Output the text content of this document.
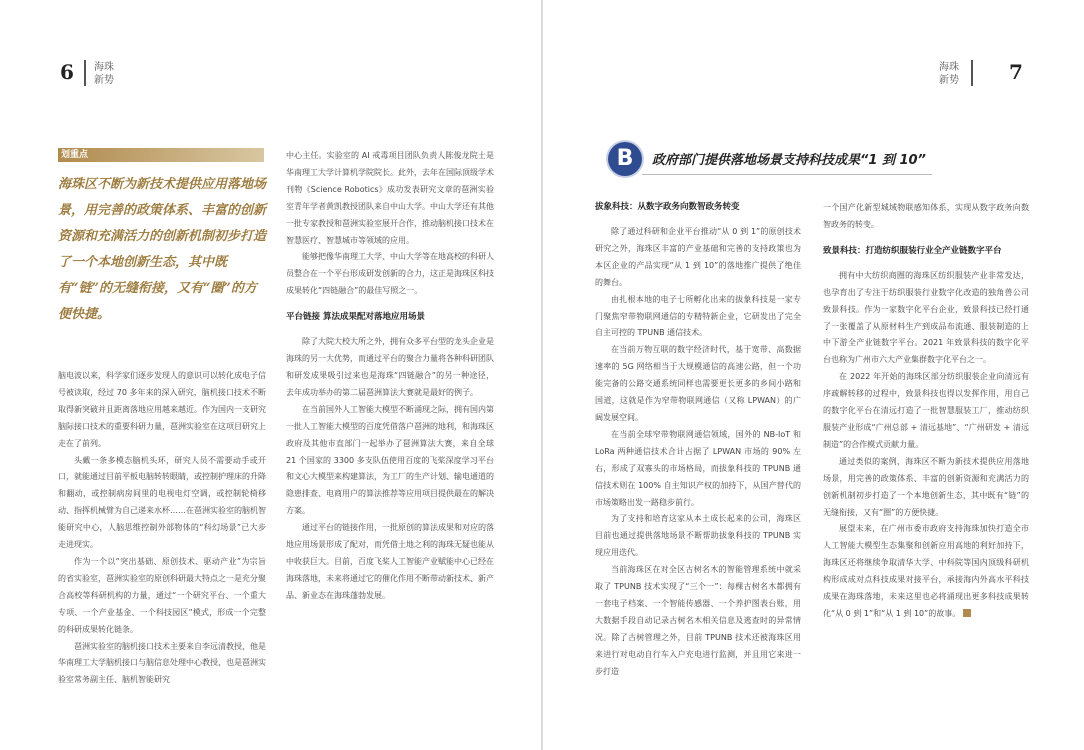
6 海珠
新势
划重点

海珠区不断为新技术提供应用落地场景，用完善的政策体系、丰富的创新资源和充满活力的创新机制初步打造了一个本地创新生态，其中既有“链”的无缝衔接，又有“圈”的方便快捷。

脑电波以来，科学家们逐步发现人的意识可以转化成电子信号被读取，经过 70 多年来的深入研究，脑机接口技术不断取得新突破并且距离落地应用越来越近。作为国内一支研究脑际接口技术的重要科研力量，琶洲实验室在这项目研究上走在了前列。

头戴一条多模态脑机头环，研究人员不需要动手或开口，就能通过目前平板电脑转转眼睛，或控制护理床的升降和翻动，或控制病房间里的电视电灯空调，或控制轮椅移动、指挥机械臂为自己递来水杯……在琶洲实验室的脑机智能研究中心，人脑思维控制外部物体的“科幻场景”已大步走进现实。

作为一个以“突出基础、原创技术、驱动产业”为宗旨的省实验室，琶洲实验室的原创科研最大特点之一是充分聚合高校等科研机构的力量，通过“一个研究平台、一个重大专项、一个产业基金、一个科技园区”模式，形成一个完整的科研成果转化链条。

琶洲实验室的脑机接口技术主要来自李远清教授，他是华南理工大学脑机接口与脑信息处理中心教授，也是琶洲实验室常务副主任、脑机智能研究

中心主任。实验室的 AI 戒毒项目团队负责人陈俊龙院士是华南理工大学计算机学院院长。此外，去年在国际顶级学术刊物《Science Robotics》成功发表研究文章的琶洲实验室青年学者黄凯教授团队来自中山大学。中山大学还有其他一批专家教授和琶洲实验室展开合作，推动脑机接口技术在智慧医疗、智慧城市等领域的应用。

能够把像华南理工大学、中山大学等在地高校的科研人员整合在一个平台形成研发创新的合力，这正是海珠区科技成果转化“四链融合”的最佳写照之一。

平台链接 算法成果配对落地应用场景

除了大院大校大所之外，拥有众多平台型的龙头企业是海珠的另一大优势，而通过平台的聚合力量将各种科研团队和研发成果吸引过来也是海珠“四链融合”的另一种途径，去年成功举办的第二届琶洲算法大赛就是最好的例子。

在当前国外人工智能大模型不断涌现之际，拥有国内第一批人工智能大模型的百度凭借落户琶洲的地利，和海珠区政府及其他市直部门一起举办了琶洲算法大赛，来自全球 21 个国家的 3300 多支队伍使用百度的飞桨深度学习平台和文心大模型来构建算法，为工厂的生产计划、输电通道的隐患排查、电商用户的算法推荐等应用项目提供最在的解决方案。

通过平台的链接作用，一批原创的算法成果和对应的落地应用场景形成了配对，而凭借土地之利的海珠无疑也能从中收获巨大。目前，百度飞桨人工智能产业赋能中心已经在海珠落地，未来将通过它的催化作用不断带动新技术、新产品、新业态在海珠蓬勃发展。

海珠
新势	7
B	政府部门提供落地场景支持科技成果“1 到 10”
拔象科技：从数字政务向数智政务转变

除了通过科研和企业平台推动“从 0 到 1”的原创技术研究之外，海珠区丰富的产业基础和完善的支持政策也为本区企业的产品实现“从 1 到 10”的落地推广提供了绝佳的舞台。

由扎根本地的电子七所孵化出来的拔象科技是一家专门聚焦窄带物联网通信的专精特新企业，它研发出了完全自主可控的 TPUNB 通信技术。

在当前万物互联的数字经济时代，基于宽带、高数据速率的 5G 网络相当于大规模通信的高速公路，但一个功能完备的公路交通系统同样也需要更长更多的乡间小路和国道，这就是作为窄带物联网通信（又称 LPWAN）的广阔发展空间。

在当前全球窄带物联网通信领域，国外的 NB-IoT 和 LoRa 两种通信技术合计占据了 LPWAN 市场的 90% 左右，形成了双寡头的市场格局，而拔象科技的 TPUNB 通信技术则在 100% 自主知识产权的加持下，从国产替代的市场策略出发一路稳步前行。

为了支持和培育这家从本土成长起来的公司，海珠区目前也通过提供落地场景不断帮助拔象科技的 TPUNB 实现应用迭代。

当前海珠区在对全区古树名木的智能管理系统中就采取了 TPUNB 技术实现了“三个一”：每棵古树名木都拥有一套电子档案、一个智能传感器、一个养护图表台账，用大数据手段自动记录古树名木相关信息及逃查时的异常情况。除了古树管理之外，目前 TPUNB 技术还被海珠区用来进行对电动自行车入户充电进行监测，并且用它来进一步打造

一个国产化新型城域物联感知体系，实现从数字政务向数智政务的转变。

致景科技：打造纺织服装行业全产业链数字平台

拥有中大纺织商圈的海珠区纺织服装产业非常发达，也孕育出了专注于纺织服装行业数字化改造的独角兽公司致景科技。作为一家数字化平台企业，致景科技已经打通了一张覆盖了从原材料生产到成品布流通、服装制造的上中下游全产业链数字平台。2021 年致景科技的数字化平台也称为广州市六大产业集群数字化平台之一。

在 2022 年开始的海珠区部分纺织服装企业向清远有序疏解转移的过程中，致景科技也得以发挥作用，用自己的数字化平台在清远打造了一批智慧服装工厂，推动纺织服装产业形成“广州总部 + 清远基地”、“广州研发 + 清远制造”的合作模式贡献力量。

通过类似的案例，海珠区不断为新技术提供应用落地场景，用完善的政策体系、丰富的创新资源和充满活力的创新机制初步打造了一个本地创新生态，其中既有“链”的无缝衔接，又有“圈”的方便快捷。

展望未来，在广州市委市政府支持海珠加快打造全市人工智能大模型生态集聚和创新应用高地的利好加持下，海珠区还将继续争取清华大学、中科院等国内顶级科研机构形成成对点科技成果对接平台，承接海内外高水平科技成果在海珠落地，未来这里也必将涌现出更多科技成果转化“从 0 到 1”和“从 1 到 10”的故事。	■
